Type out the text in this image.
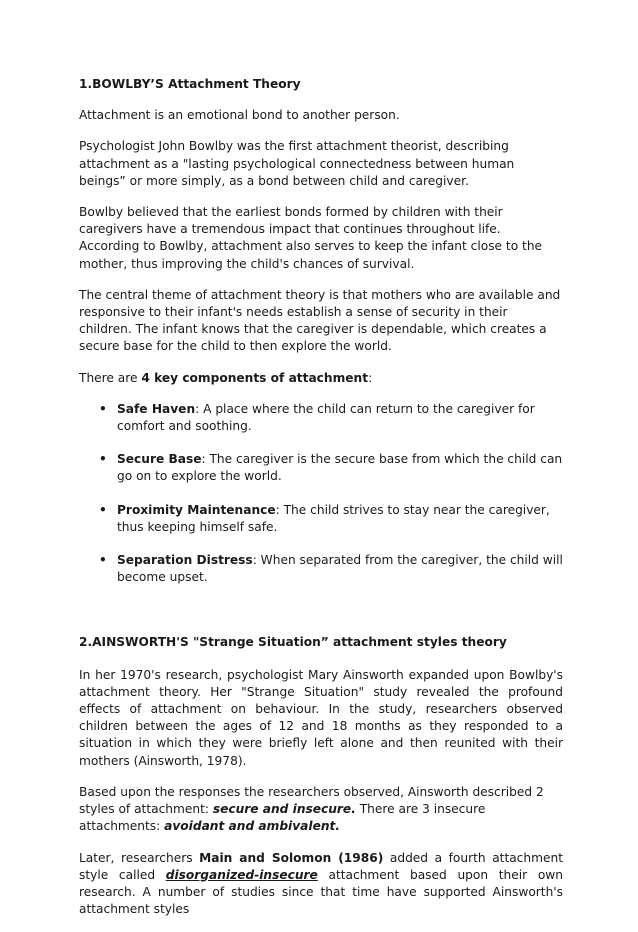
1.BOWLBY’S Attachment Theory

Attachment is an emotional bond to another person.

Psychologist John Bowlby was the first attachment theorist, describing attachment as a "lasting psychological connectedness between human beings” or more simply, as a bond between child and caregiver.

Bowlby believed that the earliest bonds formed by children with their caregivers have a tremendous impact that continues throughout life. According to Bowlby, attachment also serves to keep the infant close to the mother, thus improving the child's chances of survival.

The central theme of attachment theory is that mothers who are available and responsive to their infant's needs establish a sense of security in their children. The infant knows that the caregiver is dependable, which creates a secure base for the child to then explore the world.

There are 4 key components of attachment:

• Safe Haven: A place where the child can return to the caregiver for comfort and soothing.
• Secure Base: The caregiver is the secure base from which the child can go on to explore the world.
• Proximity Maintenance: The child strives to stay near the caregiver, thus keeping himself safe.
• Separation Distress: When separated from the caregiver, the child will become upset.

2.AINSWORTH'S "Strange Situation” attachment styles theory

In her 1970's research, psychologist Mary Ainsworth expanded upon Bowlby's attachment theory. Her "Strange Situation" study revealed the profound effects of attachment on behaviour. In the study, researchers observed children between the ages of 12 and 18 months as they responded to a situation in which they were briefly left alone and then reunited with their mothers (Ainsworth, 1978).

Based upon the responses the researchers observed, Ainsworth described 2 styles of attachment: secure and insecure. There are 3 insecure attachments: avoidant and ambivalent.

Later, researchers Main and Solomon (1986) added a fourth attachment style called disorganized-insecure attachment based upon their own research. A number of studies since that time have supported Ainsworth's attachment styles
